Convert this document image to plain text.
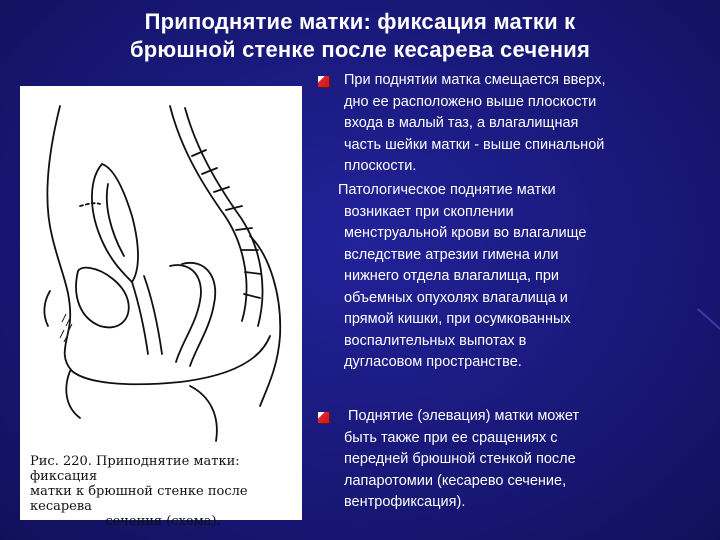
Приподнятие матки: фиксация матки к
брюшной стенке после кесарева сечения
Рис. 220. Приподнятие матки: фиксация
матки к брюшной стенке после кесарева
сечения (схема).
При поднятии матка смещается вверх,
дно ее расположено выше плоскости
входа в малый таз, а влагалищная
часть шейки матки - выше спинальной
плоскости.
Патологическое поднятие матки
возникает при скоплении
менструальной крови во влагалище
вследствие атрезии гимена или
нижнего отдела влагалища, при
объемных опухолях влагалища и
прямой кишки, при осумкованных
воспалительных выпотах в
дугласовом пространстве.
Поднятие (элевация) матки может
быть также при ее сращениях с
передней брюшной стенкой после
лапаротомии (кесарево сечение,
вентрофиксация).
